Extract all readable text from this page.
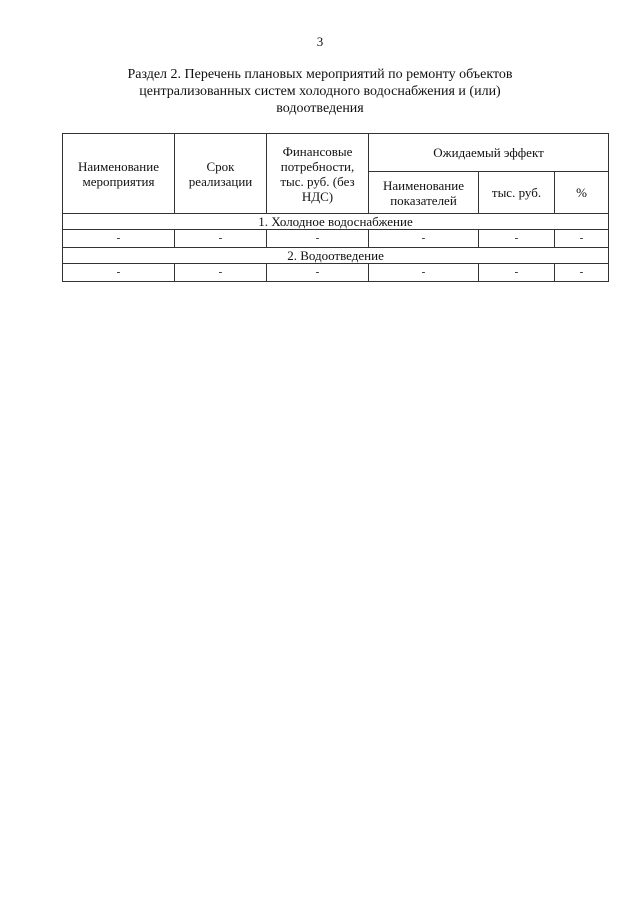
3
Раздел 2. Перечень плановых мероприятий по ремонту объектов
централизованных систем холодного водоснабжения и (или)
водоотведения
Наименование мероприятия	Срок реализации	Финансовые потребности, тыс. руб. (без НДС)	Ожидаемый эффект		
			Наименование показателей	тыс. руб.	%
1. Холодное водоснабжение					
-	-	-	-	-	-
2. Водоотведение					
-	-	-	-	-	-
